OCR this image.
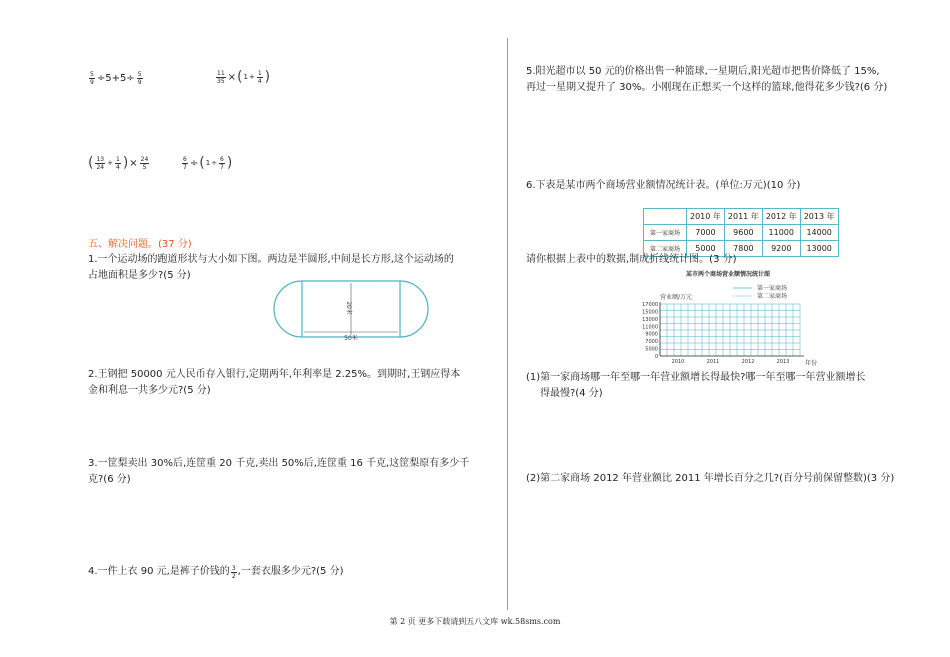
$\frac{5}{9} \div 5+5\div \frac{5}{9}$	$\frac{11}{35}$ × ( $1 + \frac{1}{4}$ )
( $\frac{13}{24} + \frac{1}{4}$ ) × $\frac{24}{5}$	$\frac{6}{7}$ ÷ ( $1 \div \frac{6}{7}$ )
五、解决问题。(37 分)
1.一个运动场的跑道形状与大小如下图。两边是半圆形,中间是长方形,这个运动场的
占地面积是多少?(5 分)
20米
50米
2.王钢把 50000 元人民币存入银行,定期两年,年利率是 2.25%。到期时,王钢应得本
金和利息一共多少元?(5 分)
3.一筐梨卖出 30%后,连筐重 20 千克,卖出 50%后,连筐重 16 千克,这筐梨原有多少千
克?(6 分)
4.一件上衣 90 元,是裤子价钱的 $\frac{3}{2}$ ,一套衣服多少元?(5 分)
5.阳光超市以 50 元的价格出售一种篮球,一星期后,阳光超市把售价降低了 15%,
再过一星期又提升了 30%。小刚现在正想买一个这样的篮球,他得花多少钱?(6 分)
6.下表是某市两个商场营业额情况统计表。(单位:万元)(10 分)
	2010 年	2011 年	2012 年	2013 年
第一家商场	7000	9600	11000	14000
第二家商场	5000	7800	9200	13000
请你根据上表中的数据,制成折线统计图。(3 分)
某市两个商场营业额情况统计图
第一家商场
第二家商场
营业额/万元
0
5000
7000
9000
11000
13000
15000
17000
2010	2011	2012	2013	年份
(1)第一家商场哪一年至哪一年营业额增长得最快?哪一年至哪一年营业额增长
得最慢?(4 分)
(2)第二家商场 2012 年营业额比 2011 年增长百分之几?(百分号前保留整数)(3 分)
第 2 页 更多下载请到五八文库 wk.58sms.com
